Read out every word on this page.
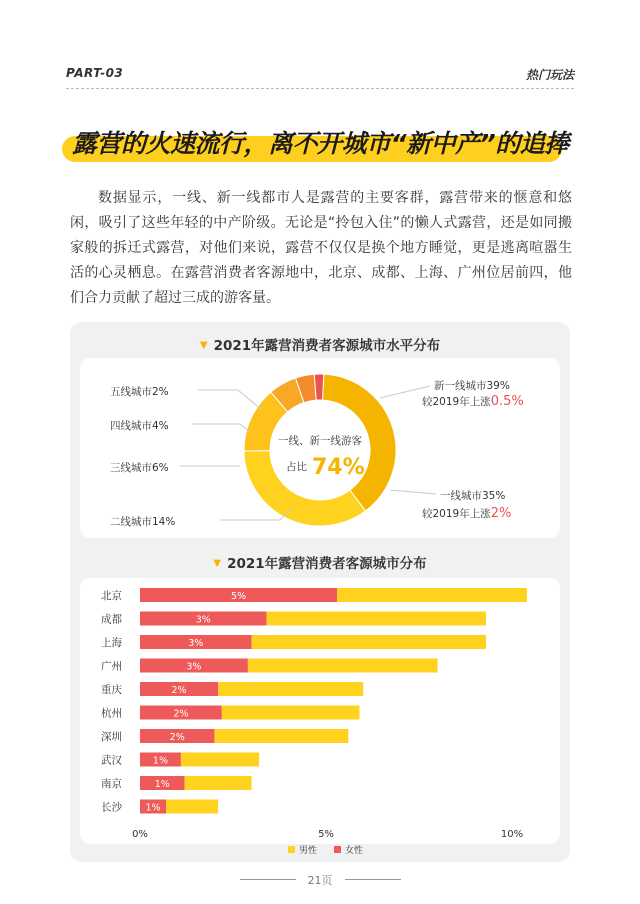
PART-03	热门玩法
露营的火速流行，离不开城市“新中产”的追捧

数据显示，一线、新一线都市人是露营的主要客群，露营带来的惬意和悠闲，吸引了这些年轻的中产阶级。无论是“拎包入住”的懒人式露营，还是如同搬家般的拆迁式露营，对他们来说，露营不仅仅是换个地方睡觉，更是逃离喧嚣生活的心灵栖息。在露营消费者客源地中，北京、成都、上海、广州位居前四，他们合力贡献了超过三成的游客量。

▼ 2021年露营消费者客源城市水平分布
一线、新一线游客
占比 74%
五线城市2%
四线城市4%
三线城市6%
二线城市14%
新一线城市39%
较2019年上涨0.5%
一线城市35%
较2019年上涨2%
▼ 2021年露营消费者客源城市分布
北京	5%
成都	3%
上海	3%
广州	3%
重庆	2%
杭州	2%
深圳	2%
武汉	1%
南京	1%
长沙 1%
0%	5%	10%
男性	女性
21页
